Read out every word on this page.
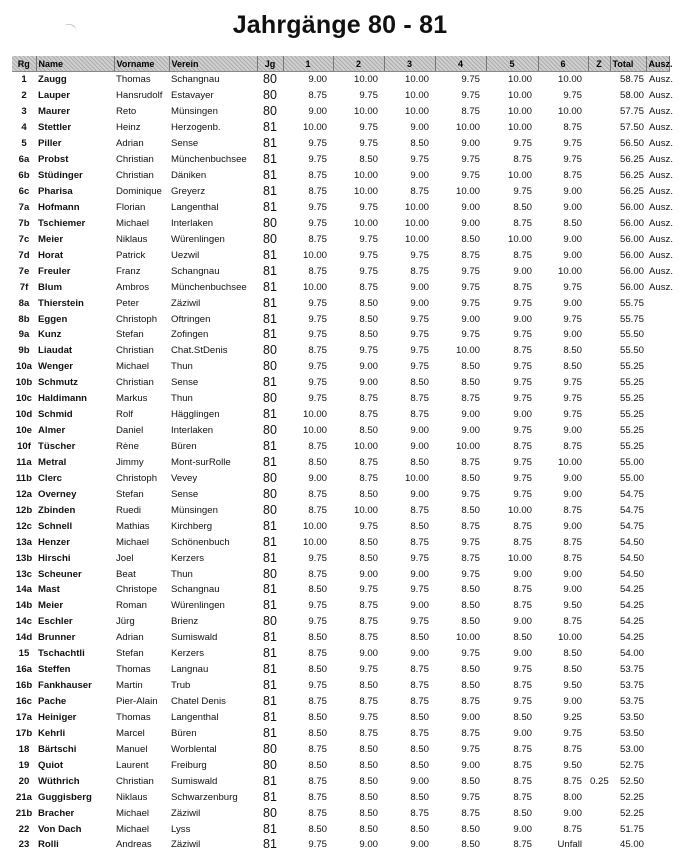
Jahrgänge 80 - 81
Rg	Name	Vorname	Verein	Jg	1	2	3	4	5	6	Z	Total	Ausz.
1	Zaugg	Thomas	Schangnau	80	9.00	10.00	10.00	9.75	10.00	10.00		58.75	Ausz.
2	Lauper	Hansrudolf	Estavayer	80	8.75	9.75	10.00	9.75	10.00	9.75		58.00	Ausz.
3	Maurer	Reto	Münsingen	80	9.00	10.00	10.00	8.75	10.00	10.00		57.75	Ausz.
4	Stettler	Heinz	Herzogenb.	81	10.00	9.75	9.00	10.00	10.00	8.75		57.50	Ausz.
5	Piller	Adrian	Sense	81	9.75	9.75	8.50	9.00	9.75	9.75		56.50	Ausz.
6a	Probst	Christian	Münchenbuchsee	81	9.75	8.50	9.75	9.75	8.75	9.75		56.25	Ausz.
6b	Stüdinger	Christian	Däniken	81	8.75	10.00	9.00	9.75	10.00	8.75		56.25	Ausz.
6c	Pharisa	Dominique	Greyerz	81	8.75	10.00	8.75	10.00	9.75	9.00		56.25	Ausz.
7a	Hofmann	Florian	Langenthal	81	9.75	9.75	10.00	9.00	8.50	9.00		56.00	Ausz.
7b	Tschiemer	Michael	Interlaken	80	9.75	10.00	10.00	9.00	8.75	8.50		56.00	Ausz.
7c	Meier	Niklaus	Würenlingen	80	8.75	9.75	10.00	8.50	10.00	9.00		56.00	Ausz.
7d	Horat	Patrick	Uezwil	81	10.00	9.75	9.75	8.75	8.75	9.00		56.00	Ausz.
7e	Freuler	Franz	Schangnau	81	8.75	9.75	8.75	9.75	9.00	10.00		56.00	Ausz.
7f	Blum	Ambros	Münchenbuchsee	81	10.00	8.75	9.00	9.75	8.75	9.75		56.00	Ausz.
8a	Thierstein	Peter	Zäziwil	81	9.75	8.50	9.00	9.75	9.75	9.00		55.75	
8b	Eggen	Christoph	Oftringen	81	9.75	8.50	9.75	9.00	9.00	9.75		55.75	
9a	Kunz	Stefan	Zofingen	81	9.75	8.50	9.75	9.75	9.75	9.00		55.50	
9b	Liaudat	Christian	Chat.StDenis	80	8.75	9.75	9.75	10.00	8.75	8.50		55.50	
10a	Wenger	Michael	Thun	80	9.75	9.00	9.75	8.50	9.75	8.50		55.25	
10b	Schmutz	Christian	Sense	81	9.75	9.00	8.50	8.50	9.75	9.75		55.25	
10c	Haldimann	Markus	Thun	80	9.75	8.75	8.75	8.75	9.75	9.75		55.25	
10d	Schmid	Rolf	Hägglingen	81	10.00	8.75	8.75	9.00	9.00	9.75		55.25	
10e	Almer	Daniel	Interlaken	80	10.00	8.50	9.00	9.00	9.75	9.00		55.25	
10f	Tüscher	Rène	Büren	81	8.75	10.00	9.00	10.00	8.75	8.75		55.25	
11a	Metral	Jimmy	Mont-surRolle	81	8.50	8.75	8.50	8.75	9.75	10.00		55.00	
11b	Clerc	Christoph	Vevey	80	9.00	8.75	10.00	8.50	9.75	9.00		55.00	
12a	Overney	Stefan	Sense	80	8.75	8.50	9.00	9.75	9.75	9.00		54.75	
12b	Zbinden	Ruedi	Münsingen	80	8.75	10.00	8.75	8.50	10.00	8.75		54.75	
12c	Schnell	Mathias	Kirchberg	81	10.00	9.75	8.50	8.75	8.75	9.00		54.75	
13a	Henzer	Michael	Schönenbuch	81	10.00	8.50	8.75	9.75	8.75	8.75		54.50	
13b	Hirschi	Joel	Kerzers	81	9.75	8.50	9.75	8.75	10.00	8.75		54.50	
13c	Scheuner	Beat	Thun	80	8.75	9.00	9.00	9.75	9.00	9.00		54.50	
14a	Mast	Christope	Schangnau	81	8.50	9.75	9.75	8.50	8.75	9.00		54.25	
14b	Meier	Roman	Würenlingen	81	9.75	8.75	9.00	8.50	8.75	9.50		54.25	
14c	Eschler	Jürg	Brienz	80	9.75	8.75	9.75	8.50	9.00	8.75		54.25	
14d	Brunner	Adrian	Sumiswald	81	8.50	8.75	8.50	10.00	8.50	10.00		54.25	
15	Tschachtli	Stefan	Kerzers	81	8.75	9.00	9.00	9.75	9.00	8.50		54.00	
16a	Steffen	Thomas	Langnau	81	8.50	9.75	8.75	8.50	9.75	8.50		53.75	
16b	Fankhauser	Martin	Trub	81	9.75	8.50	8.75	8.50	8.75	9.50		53.75	
16c	Pache	Pier-Alain	Chatel Denis	81	8.75	8.75	8.75	8.75	9.75	9.00		53.75	
17a	Heiniger	Thomas	Langenthal	81	8.50	9.75	8.50	9.00	8.50	9.25		53.50	
17b	Kehrli	Marcel	Büren	81	8.50	8.75	8.75	8.75	9.00	9.75		53.50	
18	Bärtschi	Manuel	Worblental	80	8.75	8.50	8.50	9.75	8.75	8.75		53.00	
19	Quiot	Laurent	Freiburg	80	8.50	8.50	8.50	9.00	8.75	9.50		52.75	
20	Wüthrich	Christian	Sumiswald	81	8.75	8.50	9.00	8.50	8.75	8.75	0.25	52.50	
21a	Guggisberg	Niklaus	Schwarzenburg	81	8.75	8.50	8.50	9.75	8.75	8.00		52.25	
21b	Bracher	Michael	Zäziwil	80	8.75	8.50	8.75	8.75	8.50	9.00		52.25	
22	Von Dach	Michael	Lyss	81	8.50	8.50	8.50	8.50	9.00	8.75		51.75	
23	Rolli	Andreas	Zäziwil	81	9.75	9.00	9.00	8.50	8.75	Unfall		45.00	
